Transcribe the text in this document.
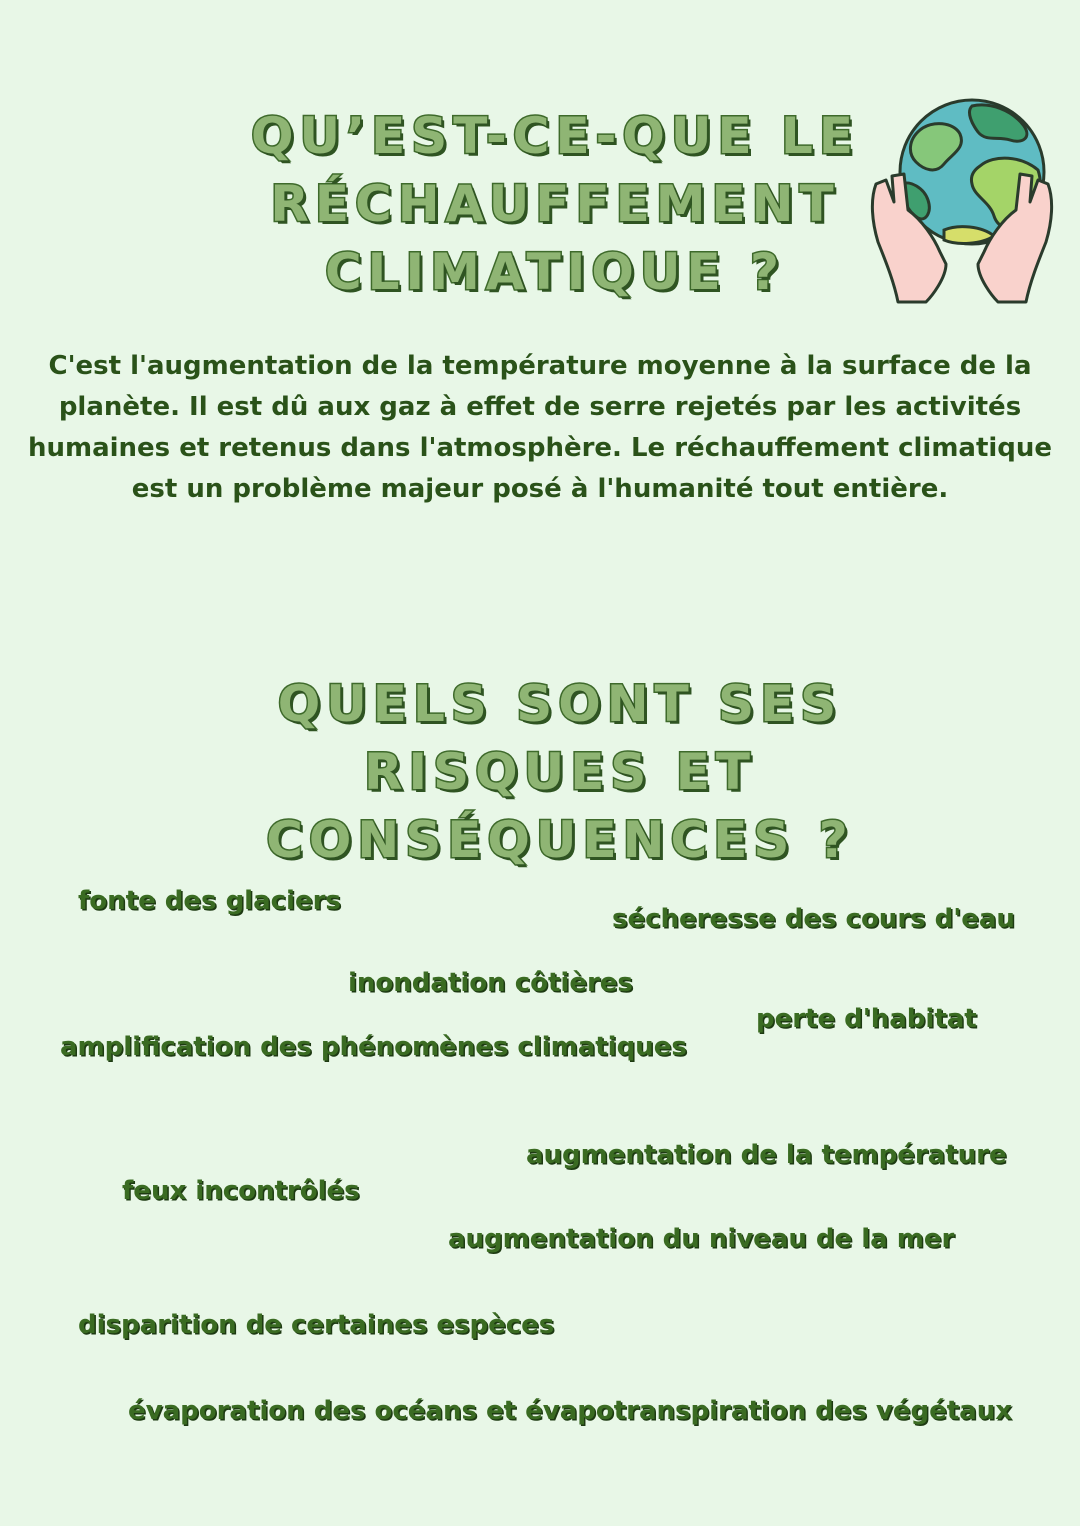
QU’EST-CE-QUE LE
RÉCHAUFFEMENT
CLIMATIQUE ?

C'est l'augmentation de la température moyenne à la surface de la
planète. Il est dû aux gaz à effet de serre rejetés par les activités
humaines et retenus dans l'atmosphère. Le réchauffement climatique
est un problème majeur posé à l'humanité tout entière.

QUELS SONT SES
RISQUES ET
CONSÉQUENCES ?
fonte des glaciers
sécheresse des cours d'eau
inondation côtières
perte d'habitat
amplification des phénomènes climatiques
augmentation de la température
feux incontrôlés
augmentation du niveau de la mer
disparition de certaines espèces
évaporation des océans et évapotranspiration des végétaux
